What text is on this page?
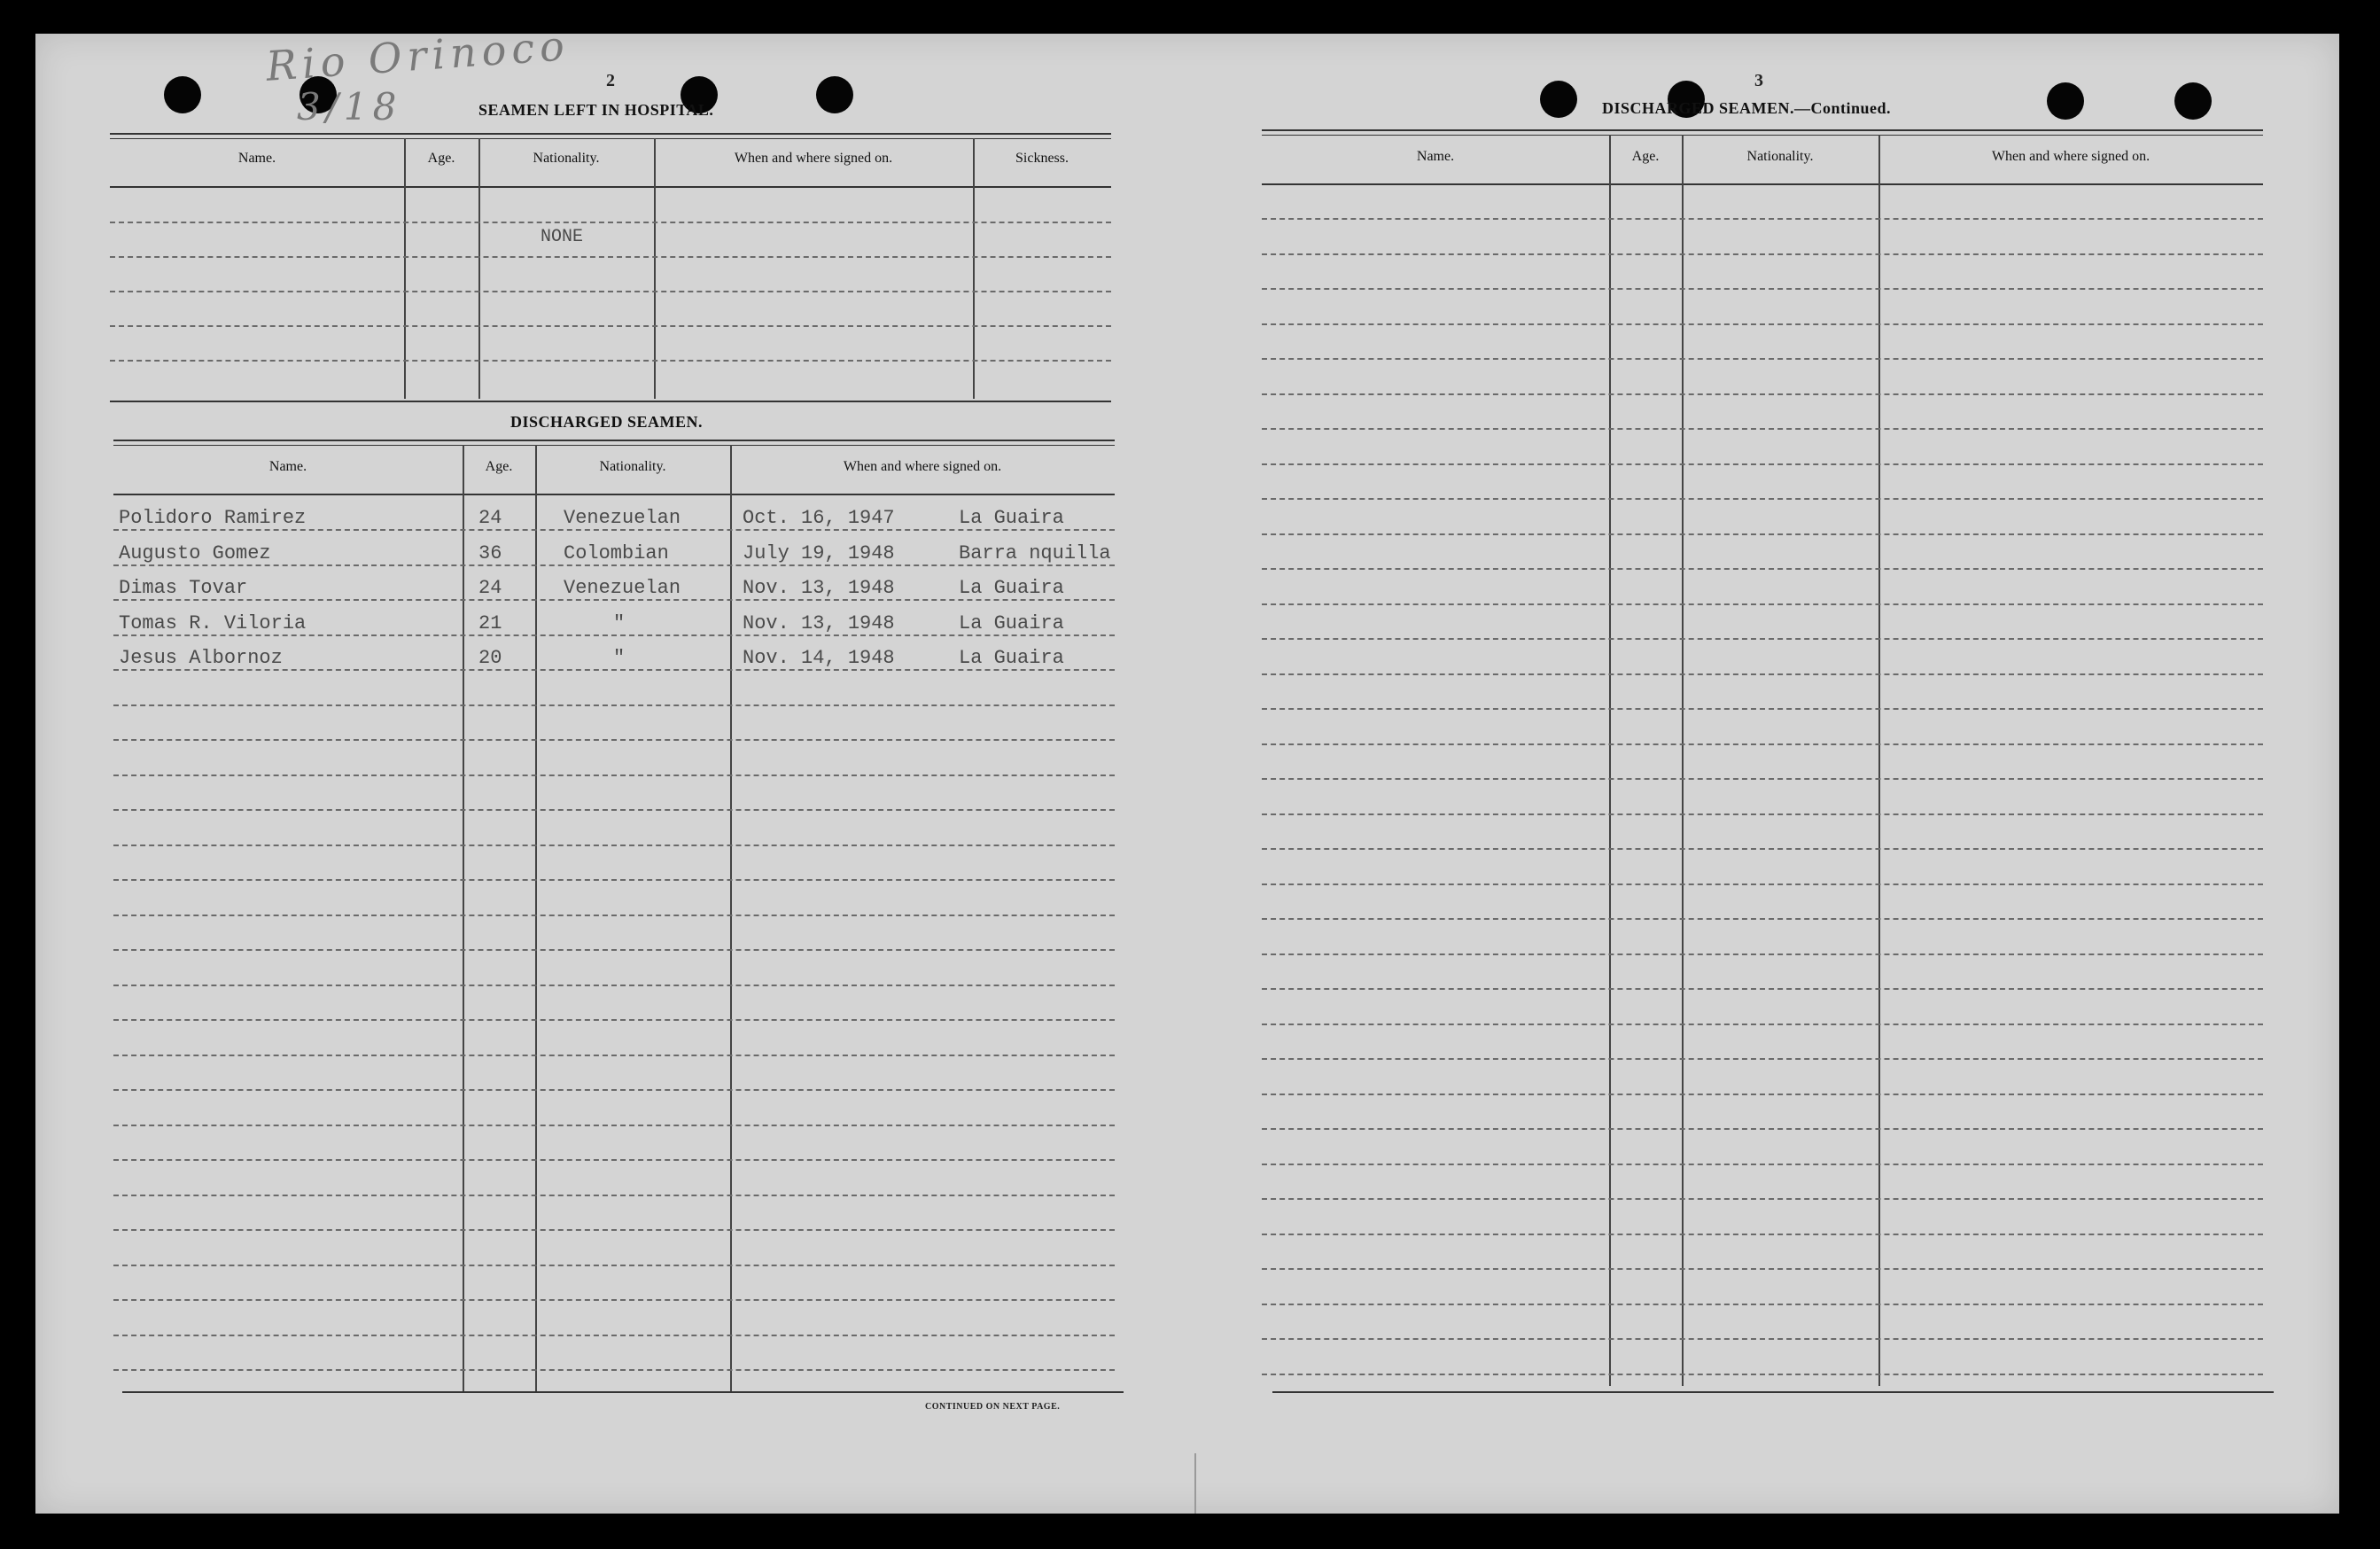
Rio Orinoco
3/18
2
SEAMEN LEFT IN HOSPITAL.
Name.	Age.	Nationality.	When and where signed on.	Sickness.
NONE
DISCHARGED SEAMEN.
Name.	Age.	Nationality.	When and where signed on.
Polidoro Ramirez	24	Venezuelan	Oct. 16, 1947	La Guaira
Augusto Gomez	36	Colombian	July 19, 1948	Barra nquilla
Dimas Tovar	24	Venezuelan	Nov. 13, 1948	La Guaira
Tomas R. Viloria	21	"	Nov. 13, 1948	La Guaira
Jesus Albornoz	20	"	Nov. 14, 1948	La Guaira
CONTINUED ON NEXT PAGE.
3
DISCHARGED SEAMEN.—Continued.
Name.	Age.	Nationality.	When and where signed on.
